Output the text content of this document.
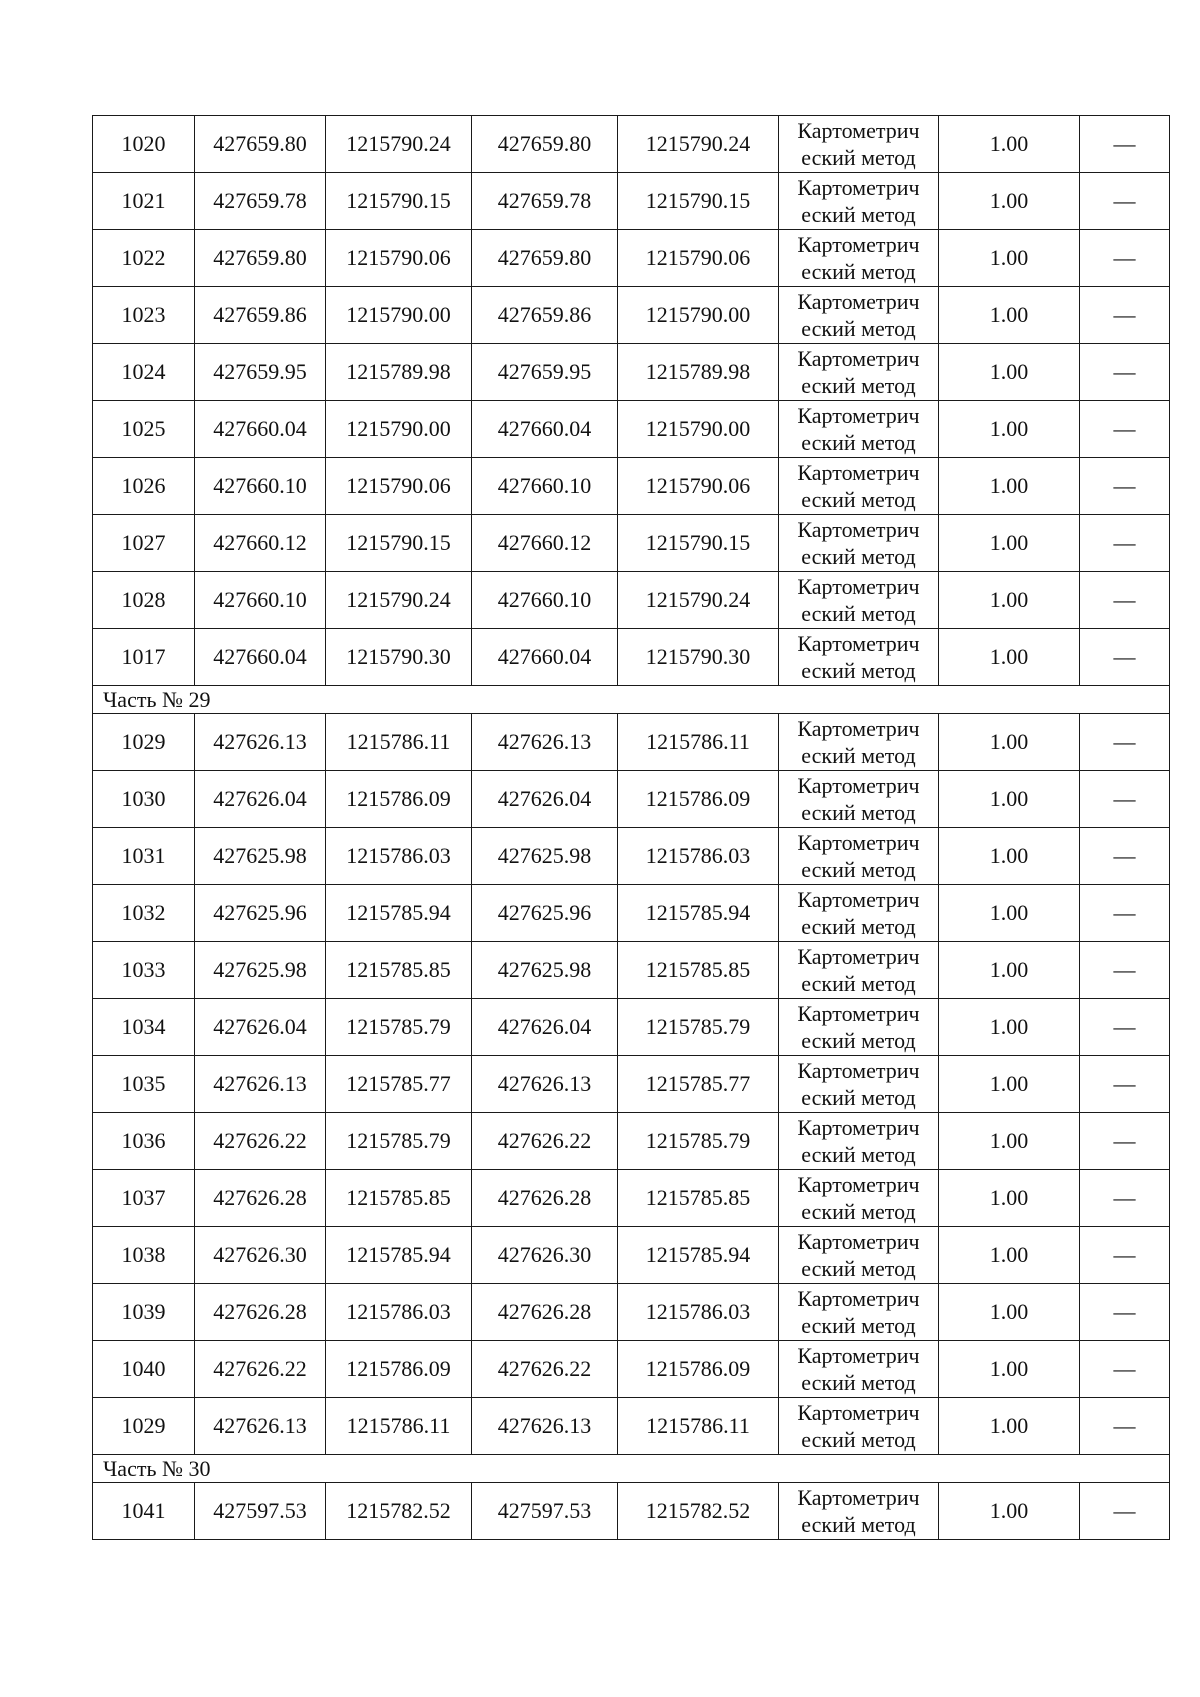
1020	427659.80	1215790.24	427659.80	1215790.24	Картометрич
еский метод	1.00	—
1021	427659.78	1215790.15	427659.78	1215790.15	Картометрич
еский метод	1.00	—
1022	427659.80	1215790.06	427659.80	1215790.06	Картометрич
еский метод	1.00	—
1023	427659.86	1215790.00	427659.86	1215790.00	Картометрич
еский метод	1.00	—
1024	427659.95	1215789.98	427659.95	1215789.98	Картометрич
еский метод	1.00	—
1025	427660.04	1215790.00	427660.04	1215790.00	Картометрич
еский метод	1.00	—
1026	427660.10	1215790.06	427660.10	1215790.06	Картометрич
еский метод	1.00	—
1027	427660.12	1215790.15	427660.12	1215790.15	Картометрич
еский метод	1.00	—
1028	427660.10	1215790.24	427660.10	1215790.24	Картометрич
еский метод	1.00	—
1017	427660.04	1215790.30	427660.04	1215790.30	Картометрич
еский метод	1.00	—
Часть № 29							
1029	427626.13	1215786.11	427626.13	1215786.11	Картометрич
еский метод	1.00	—
1030	427626.04	1215786.09	427626.04	1215786.09	Картометрич
еский метод	1.00	—
1031	427625.98	1215786.03	427625.98	1215786.03	Картометрич
еский метод	1.00	—
1032	427625.96	1215785.94	427625.96	1215785.94	Картометрич
еский метод	1.00	—
1033	427625.98	1215785.85	427625.98	1215785.85	Картометрич
еский метод	1.00	—
1034	427626.04	1215785.79	427626.04	1215785.79	Картометрич
еский метод	1.00	—
1035	427626.13	1215785.77	427626.13	1215785.77	Картометрич
еский метод	1.00	—
1036	427626.22	1215785.79	427626.22	1215785.79	Картометрич
еский метод	1.00	—
1037	427626.28	1215785.85	427626.28	1215785.85	Картометрич
еский метод	1.00	—
1038	427626.30	1215785.94	427626.30	1215785.94	Картометрич
еский метод	1.00	—
1039	427626.28	1215786.03	427626.28	1215786.03	Картометрич
еский метод	1.00	—
1040	427626.22	1215786.09	427626.22	1215786.09	Картометрич
еский метод	1.00	—
1029	427626.13	1215786.11	427626.13	1215786.11	Картометрич
еский метод	1.00	—
Часть № 30							
1041	427597.53	1215782.52	427597.53	1215782.52	Картометрич
еский метод	1.00	—
